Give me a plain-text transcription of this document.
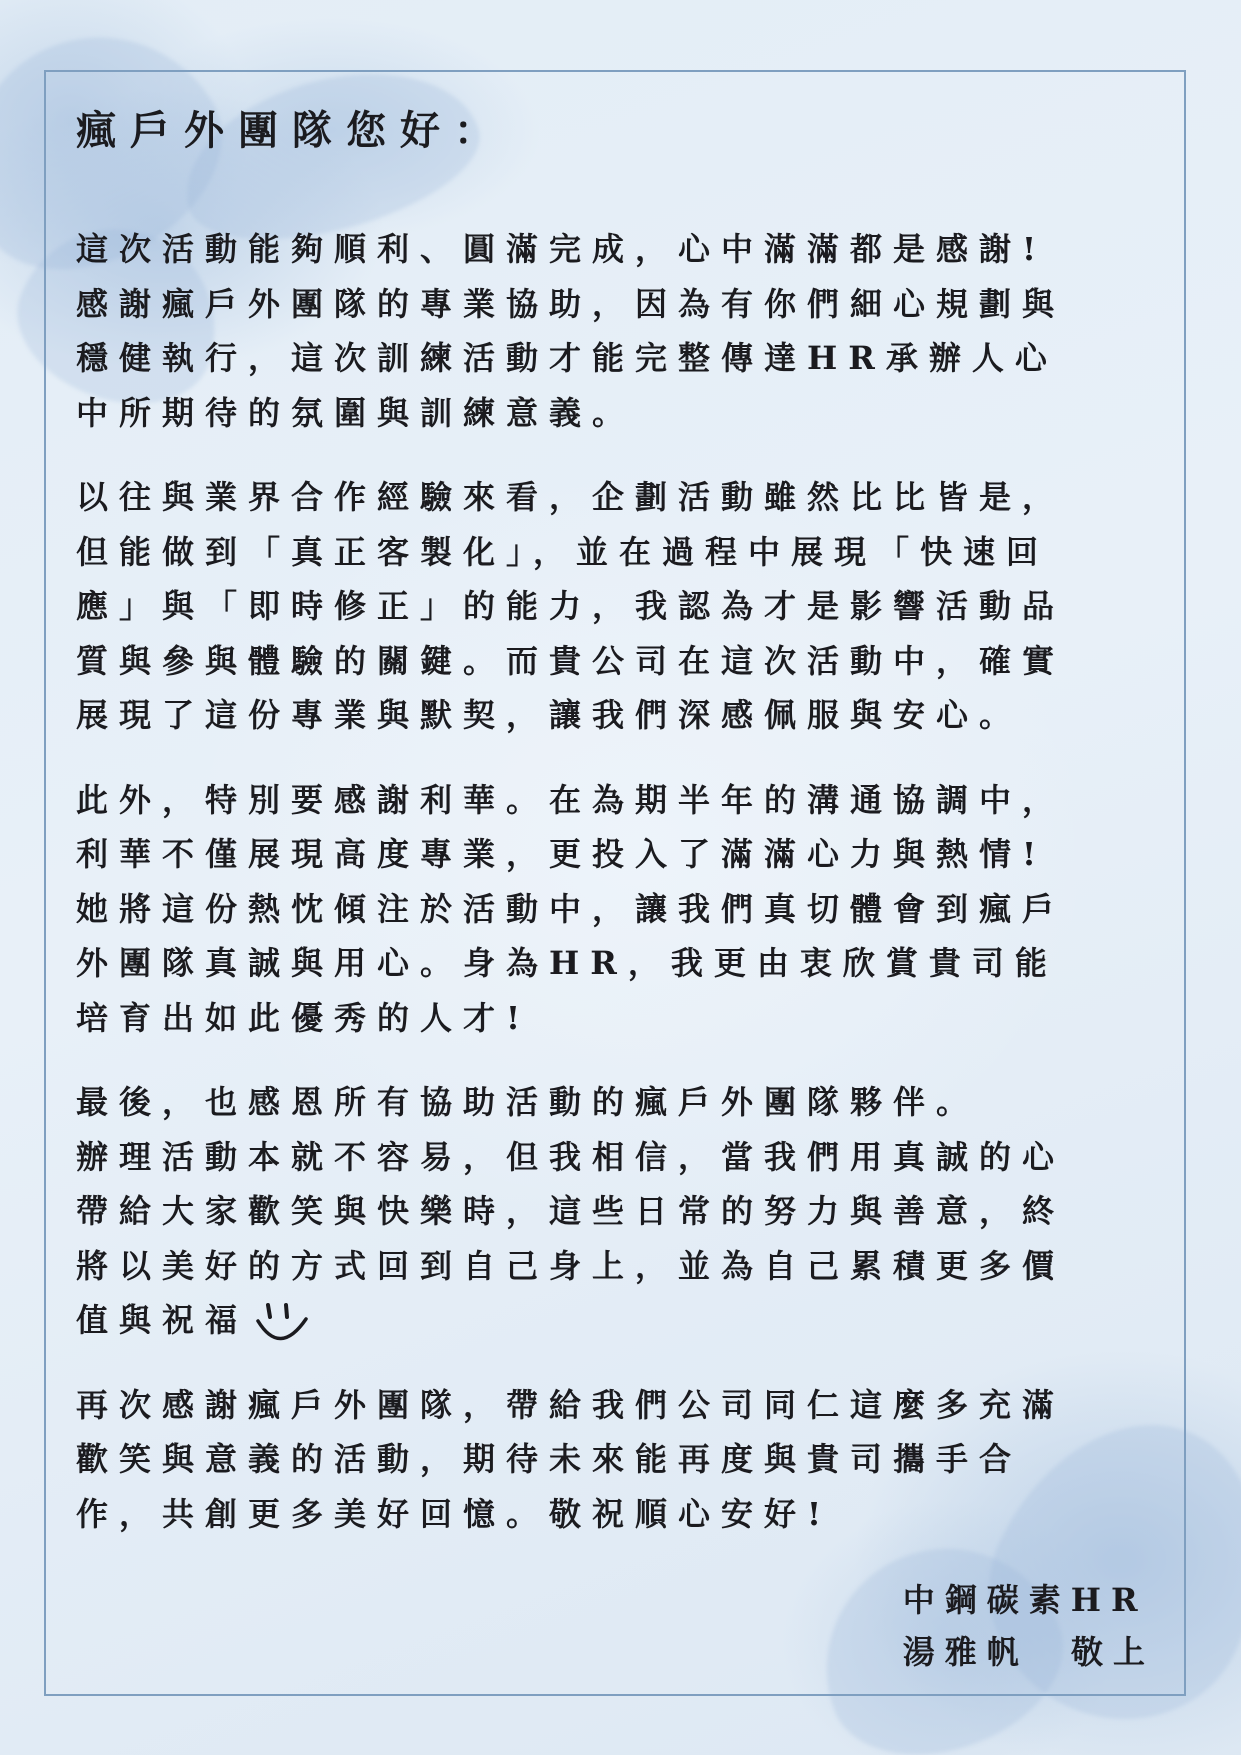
瘋戶外團隊您好：
這次活動能夠順利、圓滿完成，心中滿滿都是感謝!
感謝瘋戶外團隊的專業協助，因為有你們細心規劃與
穩健執行，這次訓練活動才能完整傳達HR承辦人心
中所期待的氛圍與訓練意義。
以往與業界合作經驗來看，企劃活動雖然比比皆是，
但能做到「真正客製化」，並在過程中展現「快速回
應」與「即時修正」的能力，我認為才是影響活動品
質與參與體驗的關鍵。而貴公司在這次活動中，確實
展現了這份專業與默契，讓我們深感佩服與安心。
此外，特別要感謝利華。在為期半年的溝通協調中，
利華不僅展現高度專業，更投入了滿滿心力與熱情!
她將這份熱忱傾注於活動中，讓我們真切體會到瘋戶
外團隊真誠與用心。身為HR，我更由衷欣賞貴司能
培育出如此優秀的人才!
最後，也感恩所有協助活動的瘋戶外團隊夥伴。
辦理活動本就不容易，但我相信，當我們用真誠的心
帶給大家歡笑與快樂時，這些日常的努力與善意，終
將以美好的方式回到自己身上，並為自己累積更多價
值與祝福
再次感謝瘋戶外團隊，帶給我們公司同仁這麼多充滿
歡笑與意義的活動，期待未來能再度與貴司攜手合
作，共創更多美好回憶。敬祝順心安好!
中鋼碳素HR
湯雅帆  敬上
